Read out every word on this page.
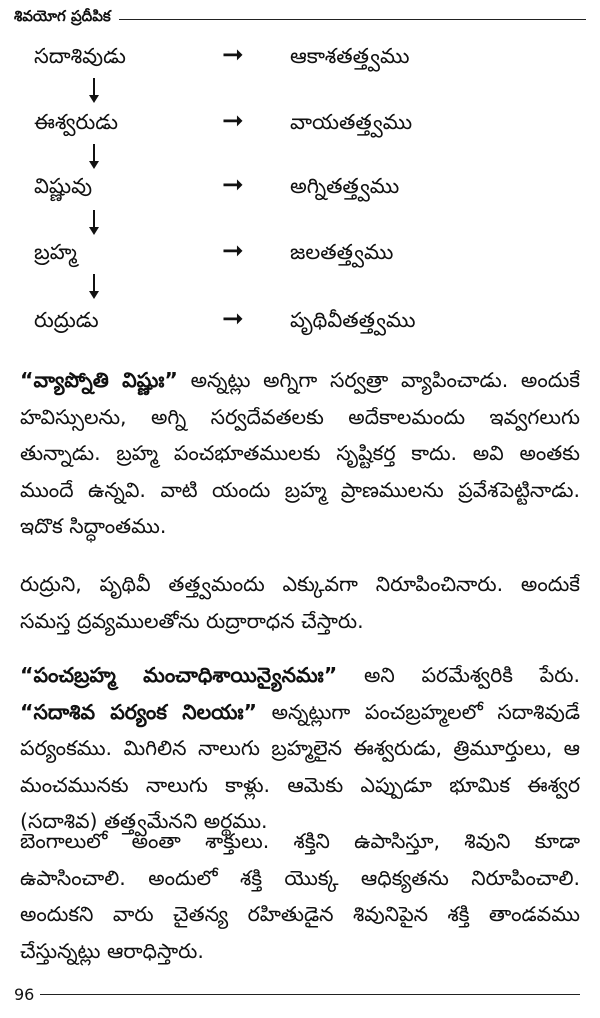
శివయోగ ప్రదీపిక
సదాశివుడు	➞ ఆకాశతత్త్వము
ఈశ్వరుడు	➞ వాయతత్త్వము
విష్ణువు	➞ అగ్నితత్త్వము
బ్రహ్మ	➞ జలతత్త్వము
రుద్రుడు	➞ పృథివీతత్త్వము

“వ్యాప్నోతి విష్ణుః” అన్నట్లు అగ్నిగా సర్వత్రా వ్యాపించాడు. అందుకే హవిస్సులను, అగ్ని సర్వదేవతలకు అదేకాలమందు ఇవ్వగలుగు తున్నాడు. బ్రహ్మ పంచభూతములకు సృష్టికర్త కాదు. అవి అంతకు ముందే ఉన్నవి. వాటి యందు బ్రహ్మ ప్రాణములను ప్రవేశపెట్టినాడు. ఇదొక సిద్ధాంతము.

రుద్రుని, పృథివీ తత్త్వమందు ఎక్కువగా నిరూపించినారు. అందుకే సమస్త ద్రవ్యములతోను రుద్రారాధన చేస్తారు.

“పంచబ్రహ్మ మంచాధిశాయిన్యైనమః” అని పరమేశ్వరికి పేరు. “సదాశివ పర్యంక నిలయః” అన్నట్లుగా పంచబ్రహ్మలలో సదాశివుడే పర్యంకము. మిగిలిన నాలుగు బ్రహ్మలైన ఈశ్వరుడు, త్రిమూర్తులు, ఆ మంచమునకు నాలుగు కాళ్లు. ఆమెకు ఎప్పుడూ భూమిక ఈశ్వర (సదాశివ) తత్త్వమేనని అర్థము.

బెంగాలులో అంతా శాక్తులు. శక్తిని ఉపాసిస్తూ, శివుని కూడా ఉపాసించాలి. అందులో శక్తి యొక్క ఆధిక్యతను నిరూపించాలి. అందుకని వారు చైతన్య రహితుడైన శివునిపైన శక్తి తాండవము చేస్తున్నట్లు ఆరాధిస్తారు.

96
